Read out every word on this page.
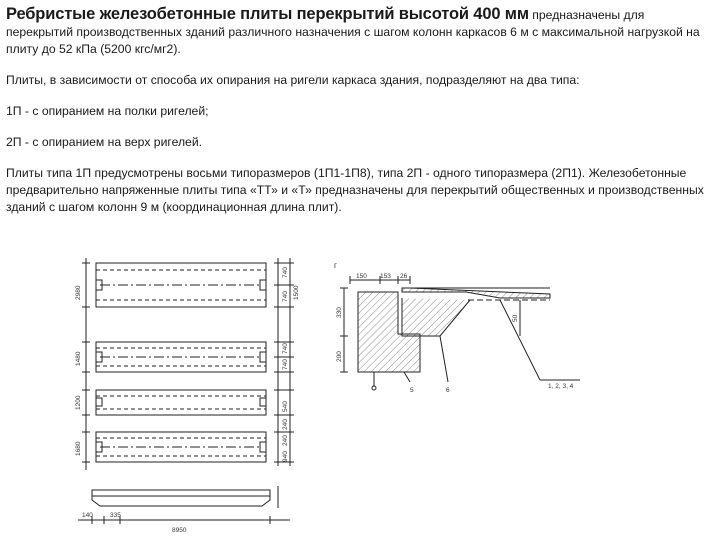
Ребристые железобетонные плиты перекрытий высотой 400 мм предназначены для

перекрытий производственных зданий различного назначения с шагом колонн каркасов 6 м с максимальной нагрузкой на плиту до 52 кПа (5200 кгс/мг2).

Плиты, в зависимости от способа их опирания на ригели каркаса здания, подразделяют на два типа:

1П - с опиранием на полки ригелей;

2П - с опиранием на верх ригелей.

Плиты типа 1П предусмотрены восьми типоразмеров (1П1-1П8), типа 2П - одного типоразмера (2П1). Железобетонные предварительно напряженные плиты типа «ТТ» и «Т» предназначены для перекрытий общественных и производственных зданий с шагом колонн 9 м (координационная длина плит).

2980
1480
1200
1680
740
1500
740
740
740
540
240
240
940
140	335
8950
г
150 153 26
330
200
50
5	6
1, 2, 3, 4
